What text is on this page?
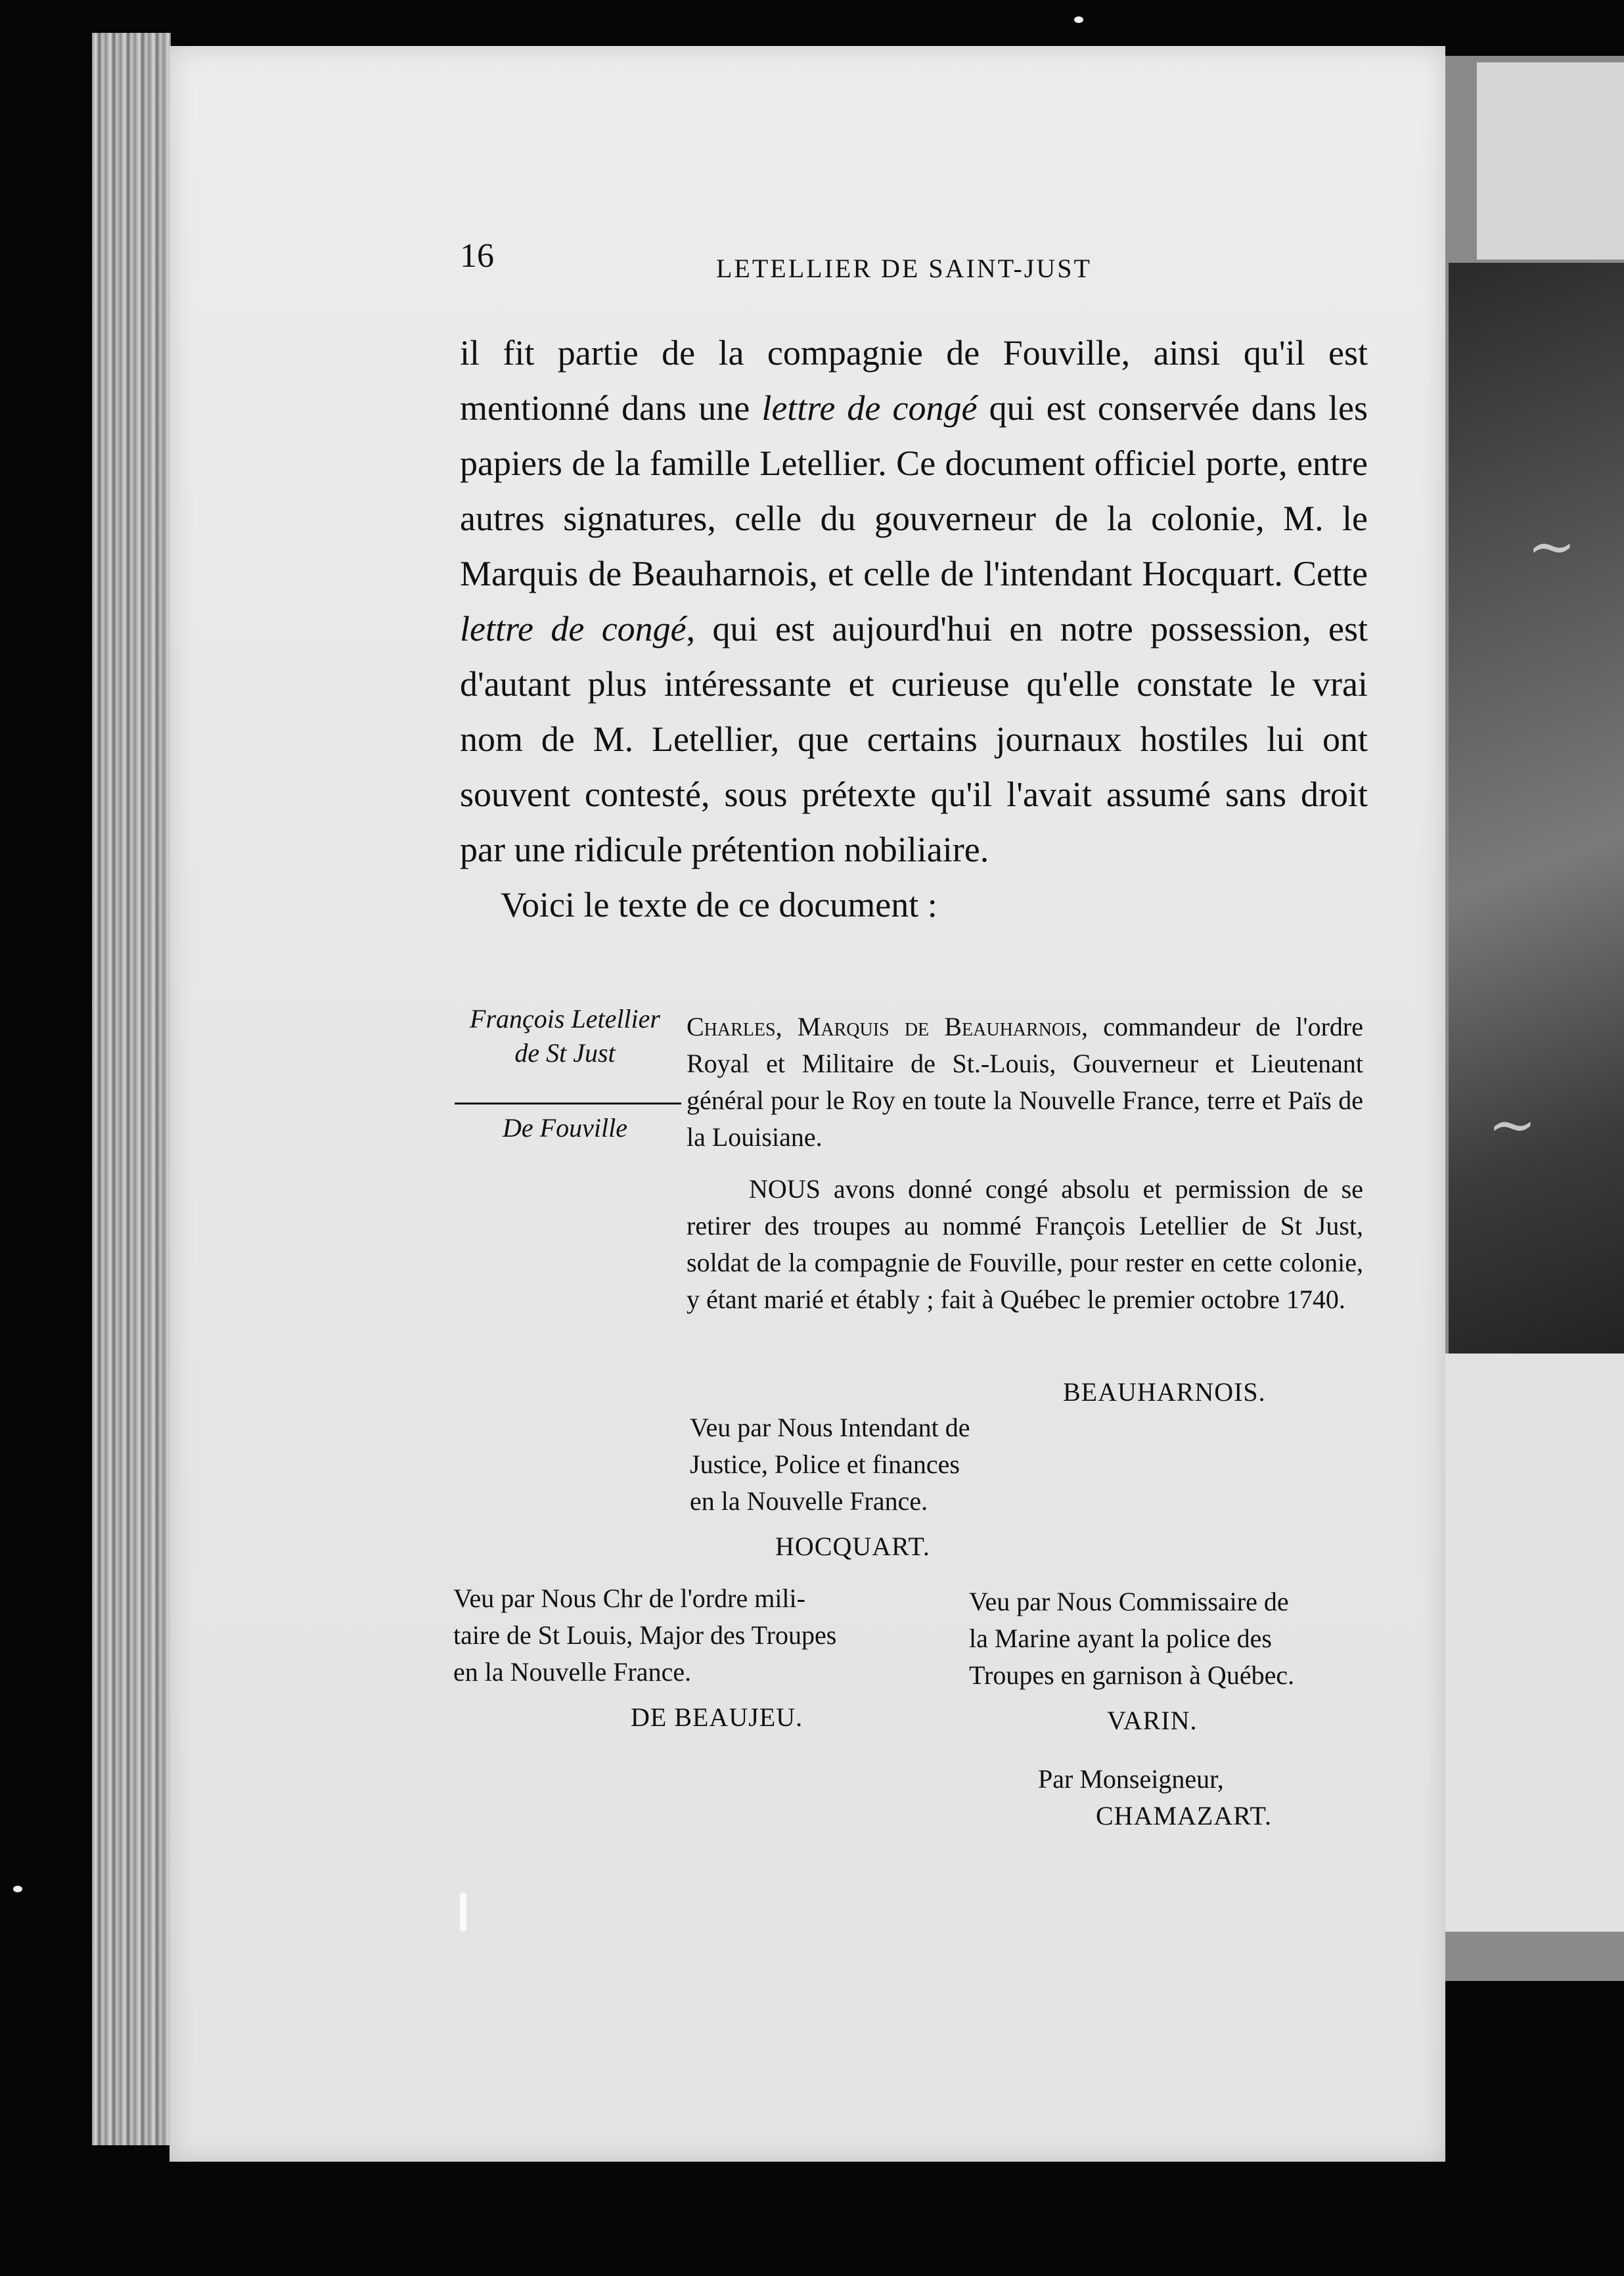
~
~
16	LETELLIER DE SAINT-JUST

il fit partie de la compagnie de Fouville, ainsi qu'il est mentionné dans une lettre de congé qui est conservée dans les papiers de la famille Letellier. Ce document officiel porte, entre autres signatures, celle du gouverneur de la colonie, M. le Marquis de Beauharnois, et celle de l'intendant Hocquart. Cette lettre de congé, qui est aujourd'hui en notre possession, est d'autant plus intéressante et curieuse qu'elle constate le vrai nom de M. Letellier, que certains journaux hostiles lui ont souvent contesté, sous prétexte qu'il l'avait assumé sans droit par une ridicule prétention nobiliaire.

Voici le texte de ce document :

François Letellier
de St Just
De Fouville
Charles, Marquis de Beauharnois, commandeur de l'ordre Royal et Militaire de St.-Louis, Gouverneur et Lieutenant général pour le Roy en toute la Nouvelle France, terre et Païs de la Louisiane.
NOUS avons donné congé absolu et permission de se retirer des troupes au nommé François Letellier de St Just, soldat de la compagnie de Fouville, pour rester en cette colonie, y étant marié et étably ; fait à Québec le premier octobre 1740.
BEAUHARNOIS.
Veu par Nous Intendant de
Justice, Police et finances
en la Nouvelle France.
HOCQUART.
Veu par Nous Chr de l'ordre mili-
taire de St Louis, Major des Troupes
en la Nouvelle France.
DE BEAUJEU.
Veu par Nous Commissaire de
la Marine ayant la police des
Troupes en garnison à Québec.
VARIN.
Par Monseigneur,
CHAMAZART.
